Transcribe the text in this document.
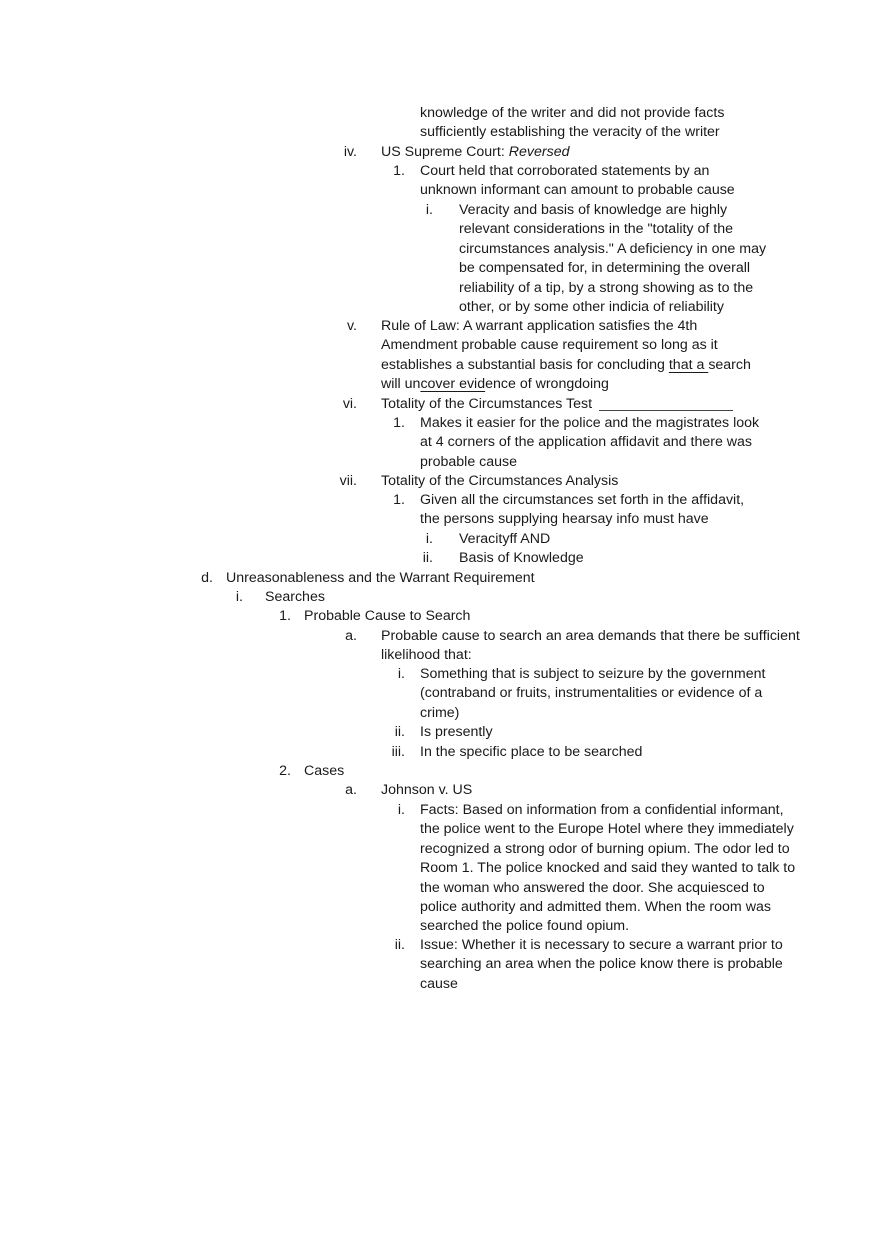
knowledge of the writer and did not provide facts
sufﬁciently establishing the veracity of the writer
iv. US Supreme Court: Reversed
1. Court held that corroborated statements by an
unknown informant can amount to probable cause
i. Veracity and basis of knowledge are highly
relevant considerations in the "totality of the
circumstances analysis." A deficiency in one may
be compensated for, in determining the overall
reliability of a tip, by a strong showing as to the
other, or by some other indicia of reliability
v. Rule of Law: A warrant application satisfies the 4th
Amendment probable cause requirement so long as it
establishes a substantial basis for concluding that a search
will uncover evidence of wrongdoing
vi. Totality of the Circumstances Test
1. Makes it easier for the police and the magistrates look
at 4 corners of the application afﬁdavit and there was
probable cause
vii. Totality of the Circumstances Analysis
1. Given all the circumstances set forth in the afﬁdavit,
the persons supplying hearsay info must have
i. Veracityff AND
ii. Basis of Knowledge
d. Unreasonableness and the Warrant Requirement
i. Searches
1. Probable Cause to Search
a. Probable cause to search an area demands that there be sufﬁcient
likelihood that:
i. Something that is subject to seizure by the government
(contraband or fruits, instrumentalities or evidence of a
crime)
ii. Is presently
iii. In the specific place to be searched
2. Cases
a. Johnson v. US
i. Facts: Based on information from a confidential informant,
the police went to the Europe Hotel where they immediately
recognized a strong odor of burning opium. The odor led to
Room 1. The police knocked and said they wanted to talk to
the woman who answered the door. She acquiesced to
police authority and admitted them. When the room was
searched the police found opium.
ii. Issue: Whether it is necessary to secure a warrant prior to
searching an area when the police know there is probable
cause
